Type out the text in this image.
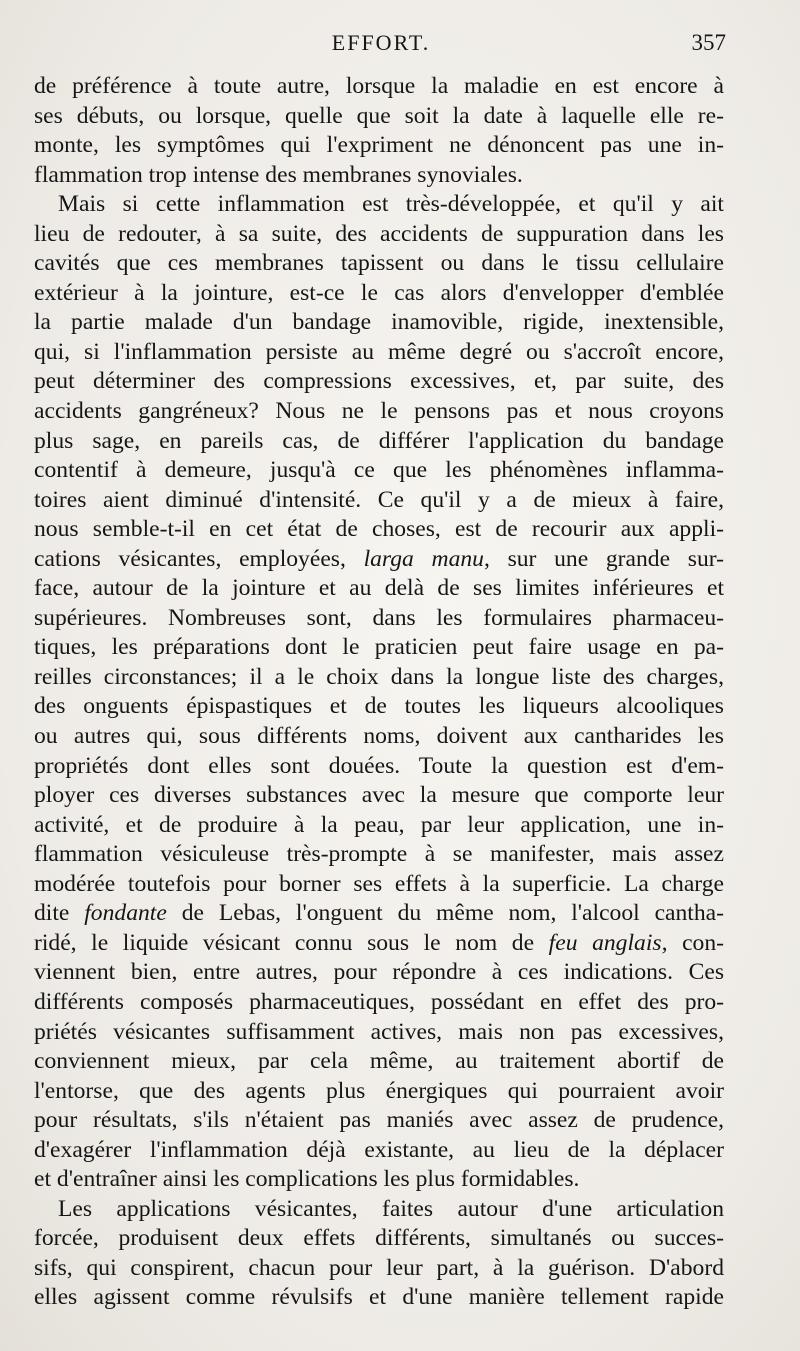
EFFORT.	357
de préférence à toute autre, lorsque la maladie en est encore à
ses débuts, ou lorsque, quelle que soit la date à laquelle elle re-
monte, les symptômes qui l'expriment ne dénoncent pas une in-
flammation trop intense des membranes synoviales.
Mais si cette inflammation est très-développée, et qu'il y ait
lieu de redouter, à sa suite, des accidents de suppuration dans les
cavités que ces membranes tapissent ou dans le tissu cellulaire
extérieur à la jointure, est-ce le cas alors d'envelopper d'emblée
la partie malade d'un bandage inamovible, rigide, inextensible,
qui, si l'inflammation persiste au même degré ou s'accroît encore,
peut déterminer des compressions excessives, et, par suite, des
accidents gangréneux? Nous ne le pensons pas et nous croyons
plus sage, en pareils cas, de différer l'application du bandage
contentif à demeure, jusqu'à ce que les phénomènes inflamma-
toires aient diminué d'intensité. Ce qu'il y a de mieux à faire,
nous semble-t-il en cet état de choses, est de recourir aux appli-
cations vésicantes, employées, larga manu, sur une grande sur-
face, autour de la jointure et au delà de ses limites inférieures et
supérieures. Nombreuses sont, dans les formulaires pharmaceu-
tiques, les préparations dont le praticien peut faire usage en pa-
reilles circonstances; il a le choix dans la longue liste des charges,
des onguents épispastiques et de toutes les liqueurs alcooliques
ou autres qui, sous différents noms, doivent aux cantharides les
propriétés dont elles sont douées. Toute la question est d'em-
ployer ces diverses substances avec la mesure que comporte leur
activité, et de produire à la peau, par leur application, une in-
flammation vésiculeuse très-prompte à se manifester, mais assez
modérée toutefois pour borner ses effets à la superficie. La charge
dite fondante de Lebas, l'onguent du même nom, l'alcool cantha-
ridé, le liquide vésicant connu sous le nom de feu anglais, con-
viennent bien, entre autres, pour répondre à ces indications. Ces
différents composés pharmaceutiques, possédant en effet des pro-
priétés vésicantes suffisamment actives, mais non pas excessives,
conviennent mieux, par cela même, au traitement abortif de
l'entorse, que des agents plus énergiques qui pourraient avoir
pour résultats, s'ils n'étaient pas maniés avec assez de prudence,
d'exagérer l'inflammation déjà existante, au lieu de la déplacer
et d'entraîner ainsi les complications les plus formidables.
Les applications vésicantes, faites autour d'une articulation
forcée, produisent deux effets différents, simultanés ou succes-
sifs, qui conspirent, chacun pour leur part, à la guérison. D'abord
elles agissent comme révulsifs et d'une manière tellement rapide
